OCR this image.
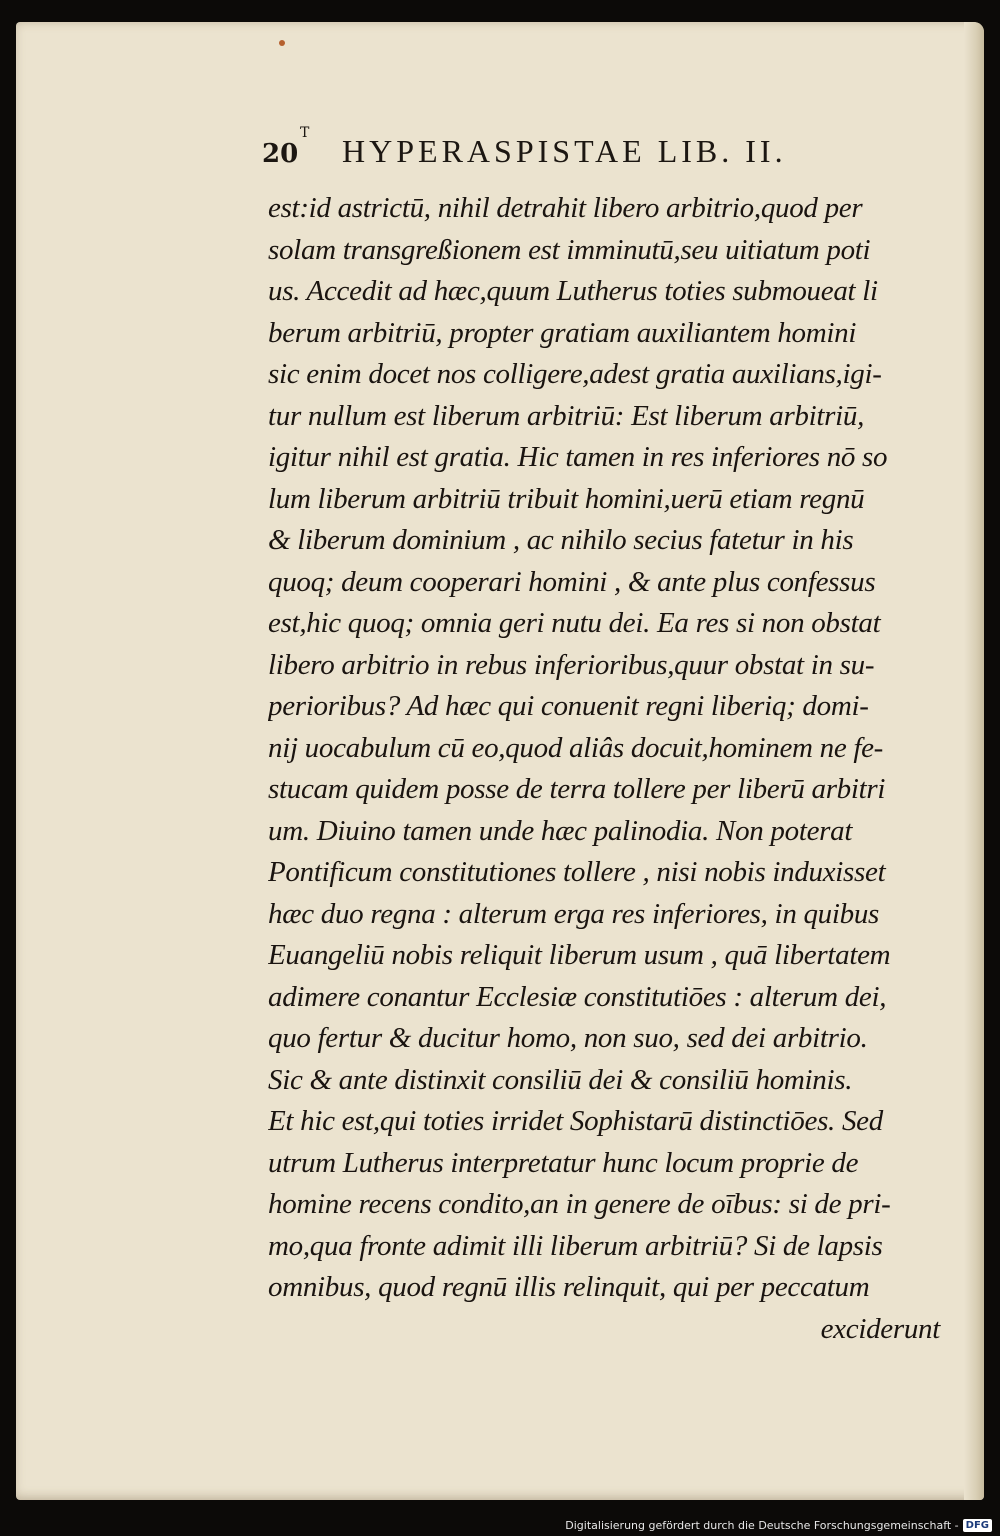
20
T HYPERASPISTAE LIB. II.
est:id astrictū, nihil detrahit libero arbitrio,quod per
solam transgreßionem est imminutū,seu uitiatum poti
us. Accedit ad hæc,quum Lutherus toties submoueat li
berum arbitriū, propter gratiam auxiliantem homini
sic enim docet nos colligere,adest gratia auxilians,igi-
tur nullum est liberum arbitriū: Est liberum arbitriū,
igitur nihil est gratia. Hic tamen in res inferiores nō so
lum liberum arbitriū tribuit homini,uerū etiam regnū
& liberum dominium , ac nihilo secius fatetur in his
quoq; deum cooperari homini , & ante plus confessus
est,hic quoq; omnia geri nutu dei. Ea res si non obstat
libero arbitrio in rebus inferioribus,quur obstat in su-
perioribus? Ad hæc qui conuenit regni liberiq; domi-
nij uocabulum cū eo,quod aliâs docuit,hominem ne fe-
stucam quidem posse de terra tollere per liberū arbitri
um. Diuino tamen unde hæc palinodia. Non poterat
Pontificum constitutiones tollere , nisi nobis induxisset
hæc duo regna : alterum erga res inferiores, in quibus
Euangeliū nobis reliquit liberum usum , quā libertatem
adimere conantur Ecclesiæ constitutiōes : alterum dei,
quo fertur & ducitur homo, non suo, sed dei arbitrio.
Sic & ante distinxit consiliū dei & consiliū hominis.
Et hic est,qui toties irridet Sophistarū distinctiōes. Sed
utrum Lutherus interpretatur hunc locum proprie de
homine recens condito,an in genere de oībus: si de pri-
mo,qua fronte adimit illi liberum arbitriū? Si de lapsis
omnibus, quod regnū illis relinquit, qui per peccatum
exciderunt
Digitalisierung gefördert durch die Deutsche Forschungsgemeinschaft - DFG
